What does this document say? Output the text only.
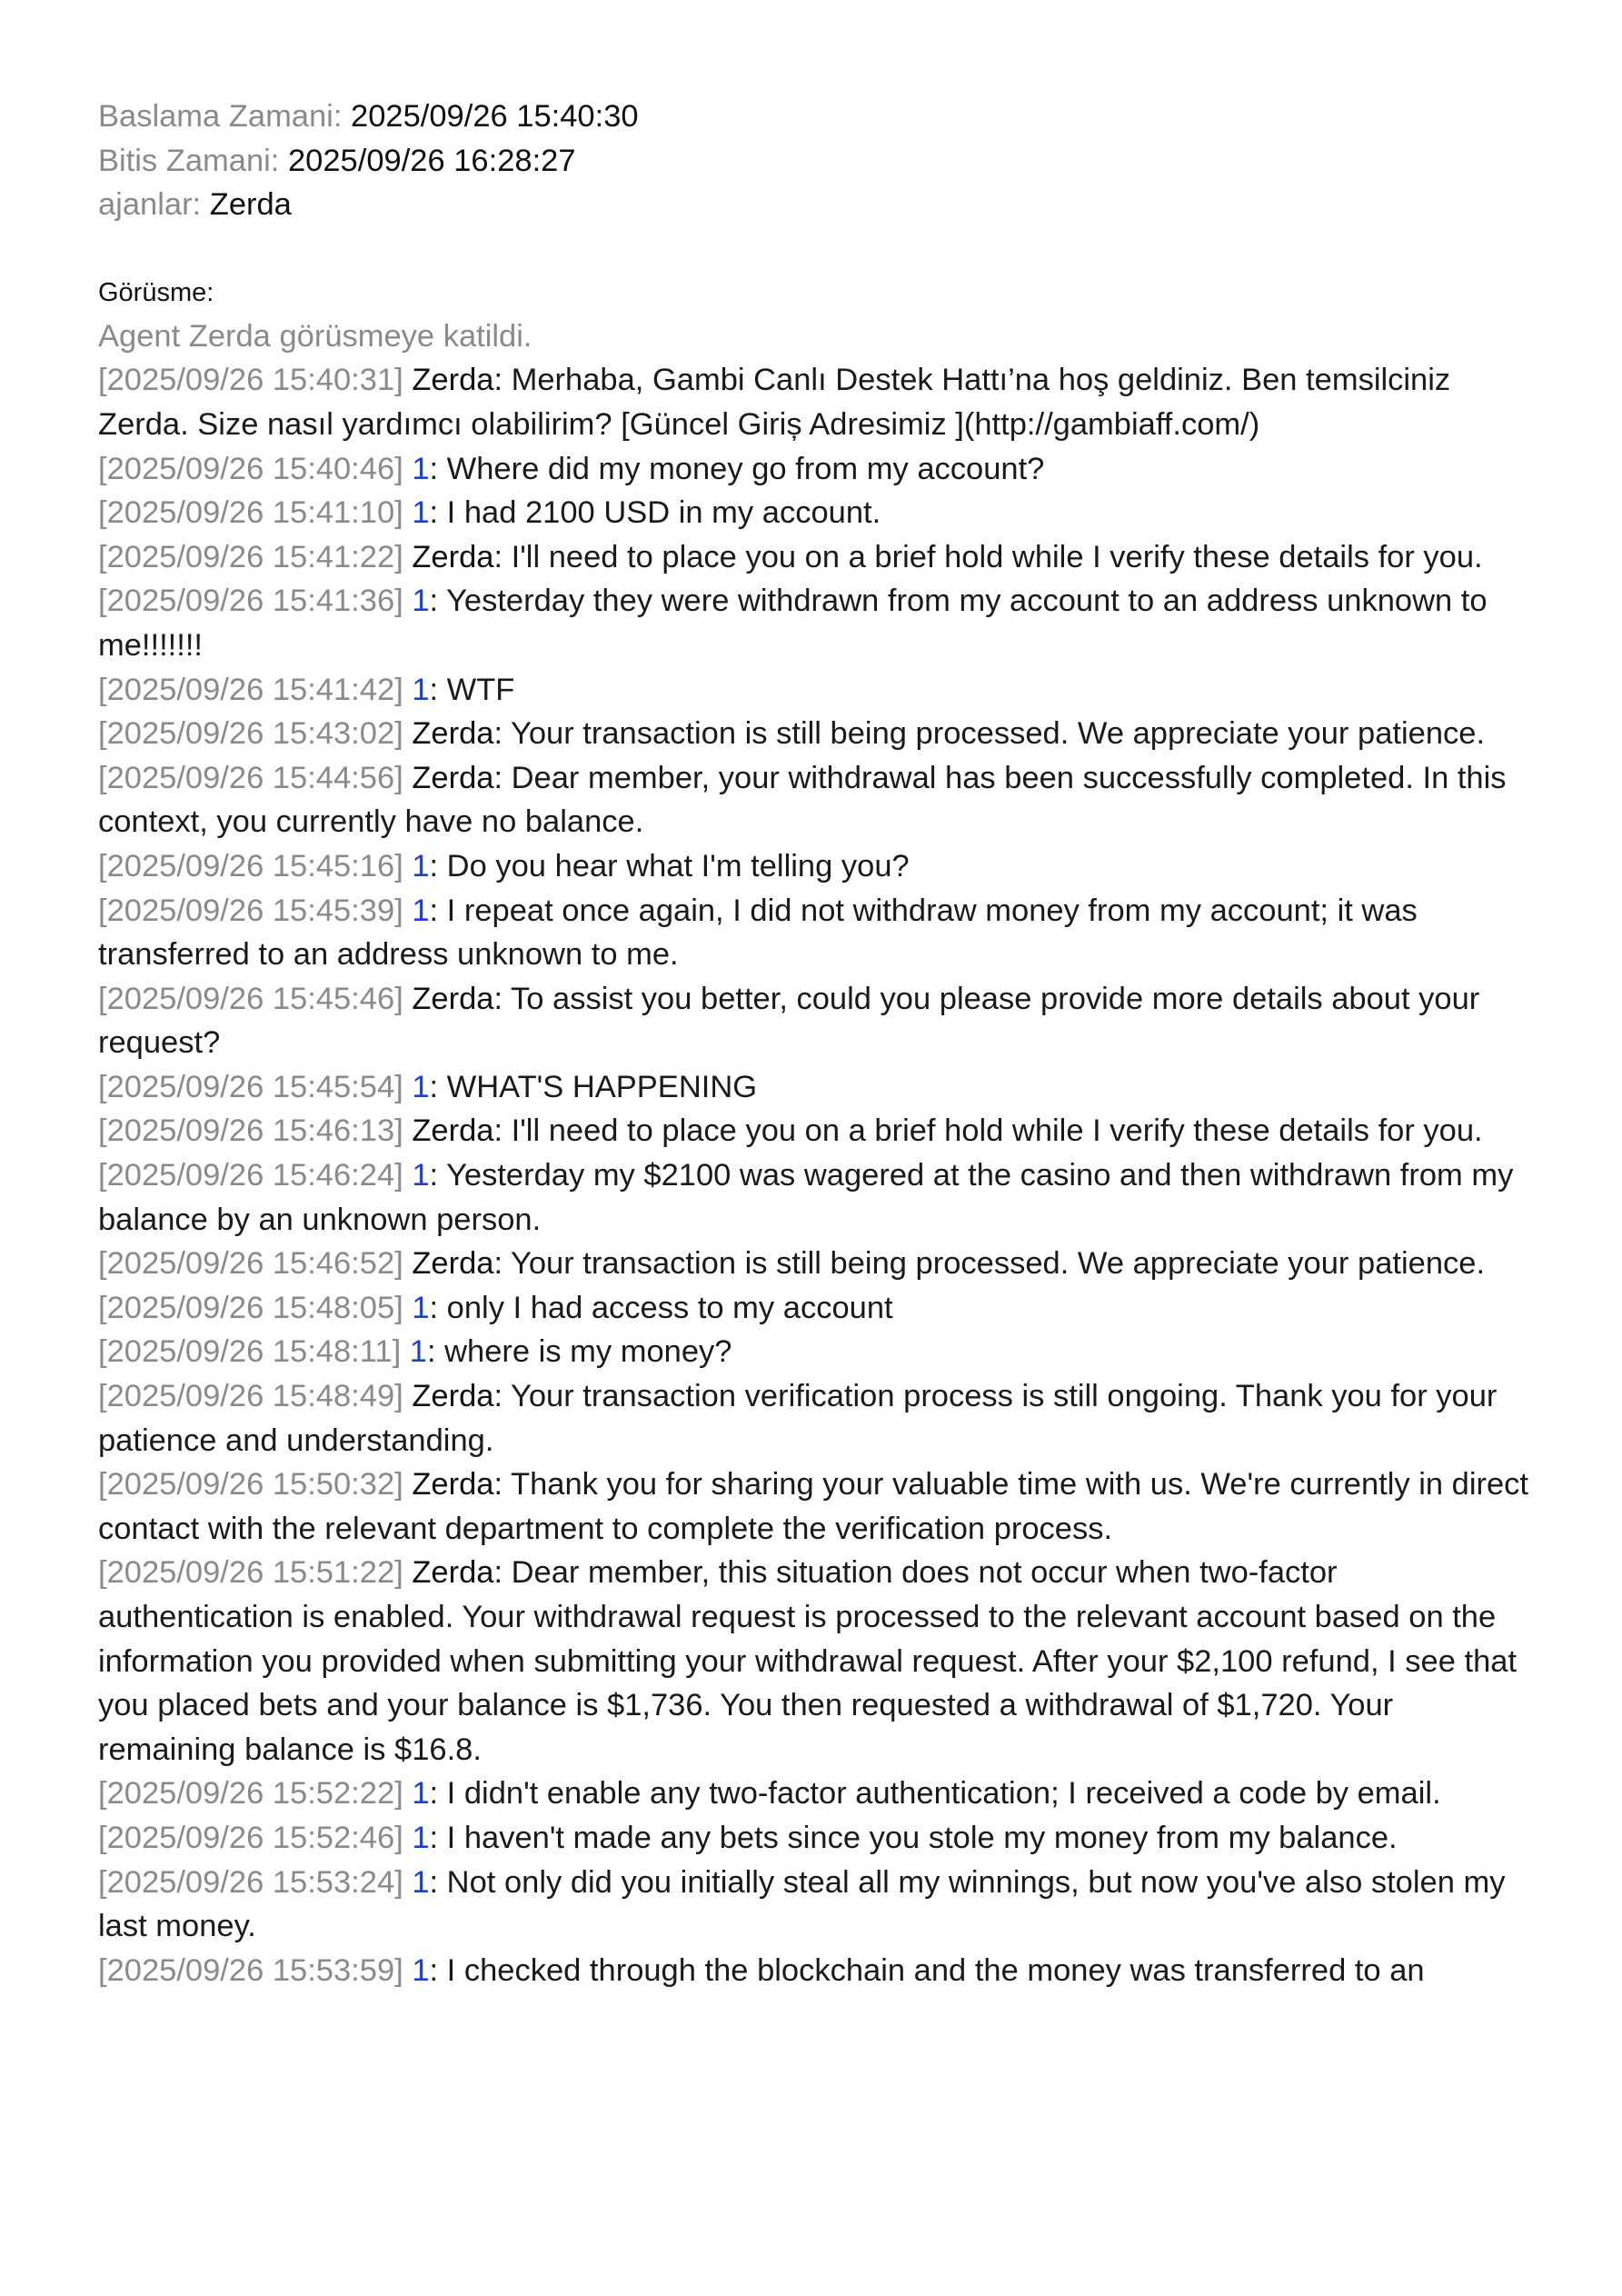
Baslama Zamani: 2025/09/26 15:40:30
Bitis Zamani: 2025/09/26 16:28:27
ajanlar: Zerda
Görüsme:
Agent Zerda görüsmeye katildi.
[2025/09/26 15:40:31] Zerda: Merhaba, Gambi Canlı Destek Hattı’na hoş geldiniz. Ben temsilciniz Zerda. Size nasıl yardımcı olabilirim? [Güncel Giriș Adresimiz ](http://gambiaff.com/)
[2025/09/26 15:40:46] 1: Where did my money go from my account?
[2025/09/26 15:41:10] 1: I had 2100 USD in my account.
[2025/09/26 15:41:22] Zerda: I'll need to place you on a brief hold while I verify these details for you.
[2025/09/26 15:41:36] 1: Yesterday they were withdrawn from my account to an address unknown to me!!!!!!!
[2025/09/26 15:41:42] 1: WTF
[2025/09/26 15:43:02] Zerda: Your transaction is still being processed. We appreciate your patience.
[2025/09/26 15:44:56] Zerda: Dear member, your withdrawal has been successfully completed. In this context, you currently have no balance.
[2025/09/26 15:45:16] 1: Do you hear what I'm telling you?
[2025/09/26 15:45:39] 1: I repeat once again, I did not withdraw money from my account; it was transferred to an address unknown to me.
[2025/09/26 15:45:46] Zerda: To assist you better, could you please provide more details about your request?
[2025/09/26 15:45:54] 1: WHAT'S HAPPENING
[2025/09/26 15:46:13] Zerda: I'll need to place you on a brief hold while I verify these details for you.
[2025/09/26 15:46:24] 1: Yesterday my $2100 was wagered at the casino and then withdrawn from my balance by an unknown person.
[2025/09/26 15:46:52] Zerda: Your transaction is still being processed. We appreciate your patience.
[2025/09/26 15:48:05] 1: only I had access to my account
[2025/09/26 15:48:11] 1: where is my money?
[2025/09/26 15:48:49] Zerda: Your transaction verification process is still ongoing. Thank you for your patience and understanding.
[2025/09/26 15:50:32] Zerda: Thank you for sharing your valuable time with us. We're currently in direct contact with the relevant department to complete the verification process.
[2025/09/26 15:51:22] Zerda: Dear member, this situation does not occur when two-factor authentication is enabled. Your withdrawal request is processed to the relevant account based on the information you provided when submitting your withdrawal request. After your $2,100 refund, I see that you placed bets and your balance is $1,736. You then requested a withdrawal of $1,720. Your remaining balance is $16.8.
[2025/09/26 15:52:22] 1: I didn't enable any two-factor authentication; I received a code by email.
[2025/09/26 15:52:46] 1: I haven't made any bets since you stole my money from my balance.
[2025/09/26 15:53:24] 1: Not only did you initially steal all my winnings, but now you've also stolen my last money.
[2025/09/26 15:53:59] 1: I checked through the blockchain and the money was transferred to an
